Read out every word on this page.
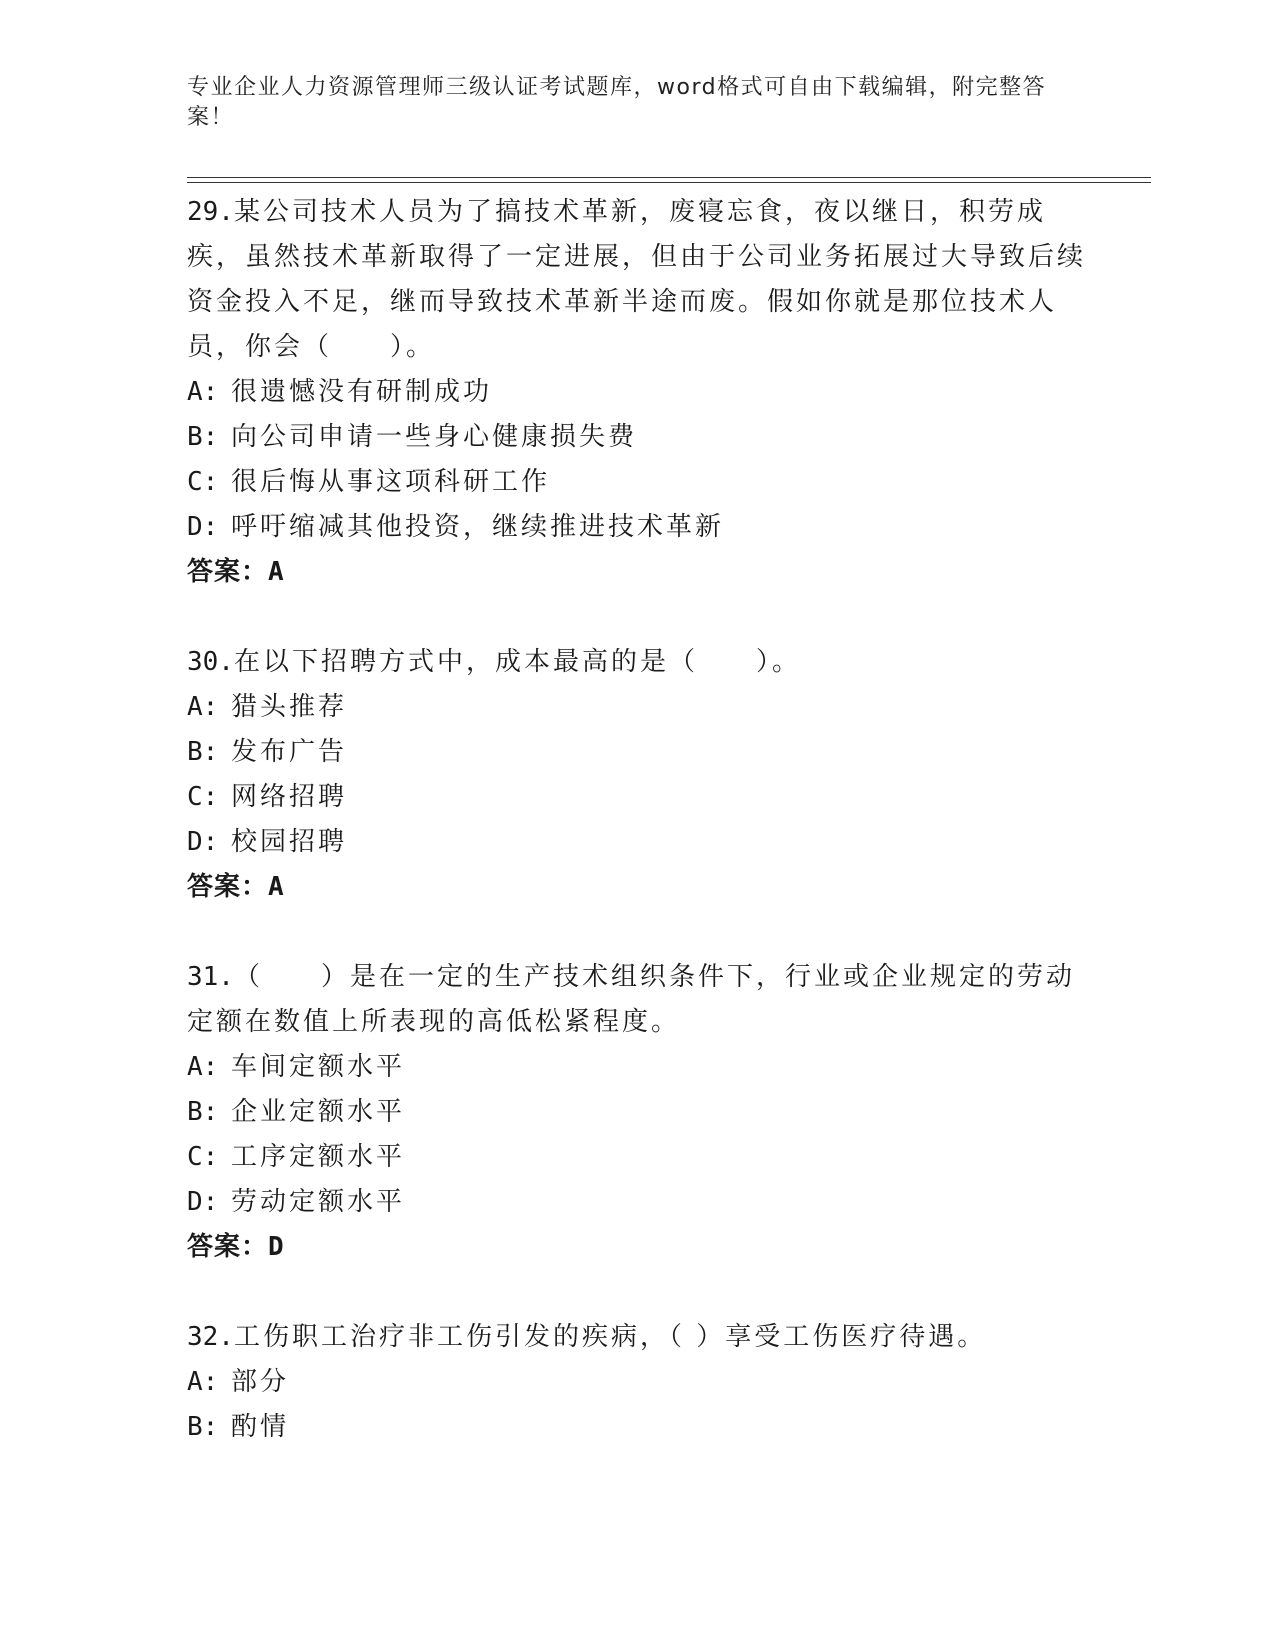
专业企业人力资源管理师三级认证考试题库，word格式可自由下载编辑，附完整答案！

29.某公司技术人员为了搞技术革新，废寝忘食，夜以继日，积劳成疾，虽然技术革新取得了一定进展，但由于公司业务拓展过大导致后续资金投入不足，继而导致技术革新半途而废。假如你就是那位技术人员，你会（　　）。

A: 很遗憾没有研制成功

B: 向公司申请一些身心健康损失费

C: 很后悔从事这项科研工作

D: 呼吁缩减其他投资，继续推进技术革新

答案：A

30.在以下招聘方式中，成本最高的是（　　）。

A: 猎头推荐

B: 发布广告

C: 网络招聘

D: 校园招聘

答案：A

31.（　　）是在一定的生产技术组织条件下，行业或企业规定的劳动定额在数值上所表现的高低松紧程度。

A: 车间定额水平

B: 企业定额水平

C: 工序定额水平

D: 劳动定额水平

答案：D

32.工伤职工治疗非工伤引发的疾病，（ ）享受工伤医疗待遇。

A: 部分

B: 酌情
